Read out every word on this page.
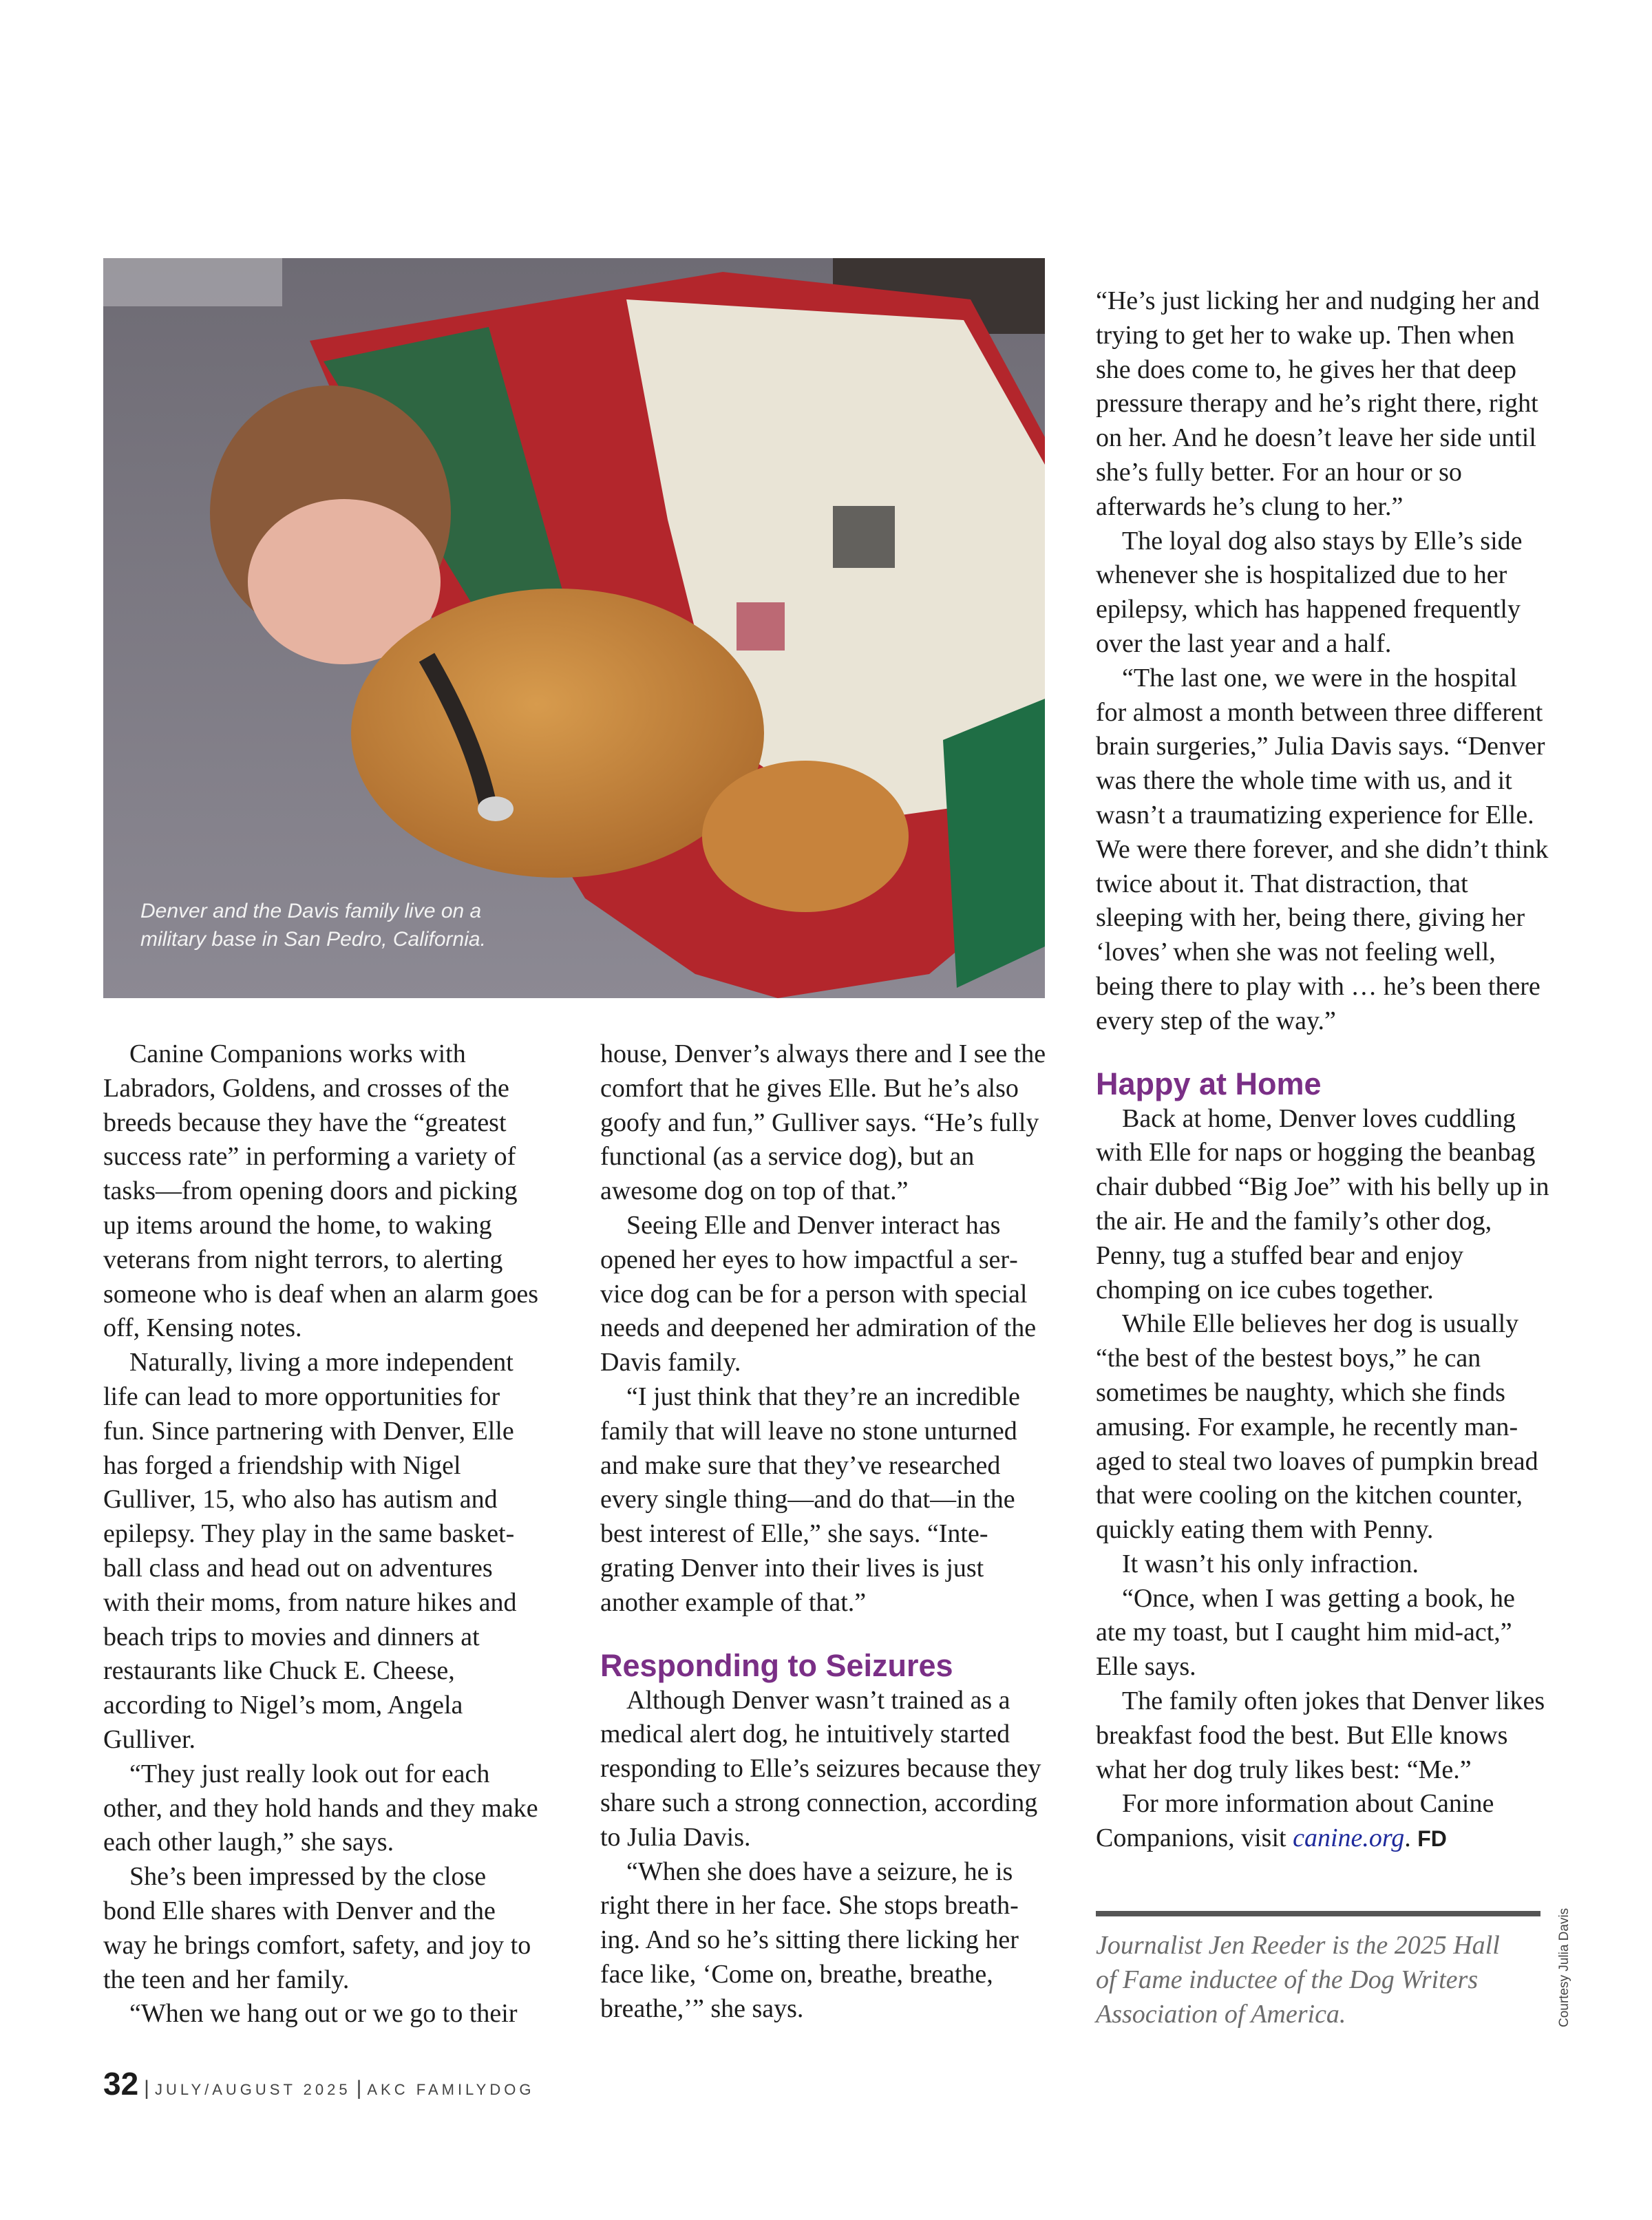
Denver and the Davis family live on a military base in San Pedro, California.

Canine Companions works with Labradors, Goldens, and crosses of the breeds because they have the “greatest success rate” in performing a variety of tasks—from opening doors and picking up items around the home, to waking veterans from night terrors, to alerting someone who is deaf when an alarm goes off, Kensing notes.

Naturally, living a more independent life can lead to more opportunities for fun. Since partnering with Denver, Elle has forged a friendship with Nigel Gulliver, 15, who also has autism and epilepsy. They play in the same basketball class and head out on adventures with their moms, from nature hikes and beach trips to movies and dinners at restaurants like Chuck E. Cheese, according to Nigel’s mom, Angela Gulliver.

“They just really look out for each other, and they hold hands and they make each other laugh,” she says.

She’s been impressed by the close bond Elle shares with Denver and the way he brings comfort, safety, and joy to the teen and her family.

“When we hang out or we go to their

house, Denver’s always there and I see the comfort that he gives Elle. But he’s also goofy and fun,” Gulliver says. “He’s fully functional (as a service dog), but an awesome dog on top of that.”

Seeing Elle and Denver interact has opened her eyes to how impactful a service dog can be for a person with special needs and deepened her admiration of the Davis family.

“I just think that they’re an incredible family that will leave no stone unturned and make sure that they’ve researched every single thing—and do that—in the best interest of Elle,” she says. “Integrating Denver into their lives is just another example of that.”

Responding to Seizures

Although Denver wasn’t trained as a medical alert dog, he intuitively started responding to Elle’s seizures because they share such a strong connection, according to Julia Davis.

“When she does have a seizure, he is right there in her face. She stops breathing. And so he’s sitting there licking her face like, ‘Come on, breathe, breathe, breathe,’” she says.

“He’s just licking her and nudging her and trying to get her to wake up. Then when she does come to, he gives her that deep pressure therapy and he’s right there, right on her. And he doesn’t leave her side until she’s fully better. For an hour or so afterwards he’s clung to her.”

The loyal dog also stays by Elle’s side whenever she is hospitalized due to her epilepsy, which has happened frequently over the last year and a half.

“The last one, we were in the hospital for almost a month between three different brain surgeries,” Julia Davis says. “Denver was there the whole time with us, and it wasn’t a traumatizing experience for Elle. We were there forever, and she didn’t think twice about it. That distraction, that sleeping with her, being there, giving her ‘loves’ when she was not feeling well, being there to play with … he’s been there every step of the way.”

Happy at Home

Back at home, Denver loves cuddling with Elle for naps or hogging the beanbag chair dubbed “Big Joe” with his belly up in the air. He and the family’s other dog, Penny, tug a stuffed bear and enjoy chomping on ice cubes together.

While Elle believes her dog is usually “the best of the bestest boys,” he can sometimes be naughty, which she finds amusing. For example, he recently managed to steal two loaves of pumpkin bread that were cooling on the kitchen counter, quickly eating them with Penny.

It wasn’t his only infraction.

“Once, when I was getting a book, he ate my toast, but I caught him mid-act,” Elle says.

The family often jokes that Denver likes breakfast food the best. But Elle knows what her dog truly likes best: “Me.”

For more information about Canine Companions, visit canine.org. FD

Journalist Jen Reeder is the 2025 Hall of Fame inductee of the Dog Writers Association of America.	Courtesy Julia Davis
32 | JULY/AUGUST 2025 | AKC FAMILYDOG
